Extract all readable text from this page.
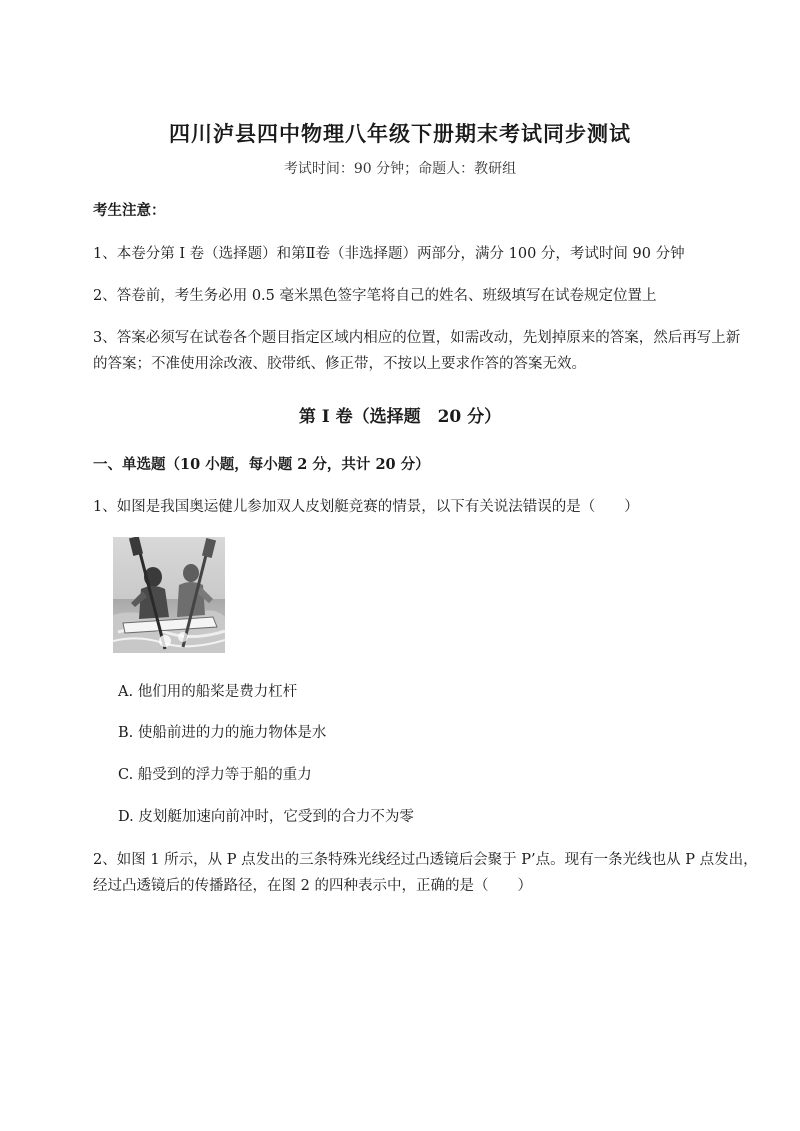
四川泸县四中物理八年级下册期末考试同步测试
考试时间：90 分钟；命题人：教研组
考生注意：
1、本卷分第 I 卷（选择题）和第Ⅱ卷（非选择题）两部分，满分 100 分，考试时间 90 分钟
2、答卷前，考生务必用 0.5 毫米黑色签字笔将自己的姓名、班级填写在试卷规定位置上
3、答案必须写在试卷各个题目指定区域内相应的位置，如需改动，先划掉原来的答案，然后再写上新
的答案；不准使用涂改液、胶带纸、修正带，不按以上要求作答的答案无效。
第 I 卷（选择题　20 分）
一、单选题（10 小题，每小题 2 分，共计 20 分）
1、如图是我国奥运健儿参加双人皮划艇竞赛的情景，以下有关说法错误的是（　　）
A. 他们用的船桨是费力杠杆
B. 使船前进的力的施力物体是水
C. 船受到的浮力等于船的重力
D. 皮划艇加速向前冲时，它受到的合力不为零
2、如图 1 所示，从 P 点发出的三条特殊光线经过凸透镜后会聚于 P’点。现有一条光线也从 P 点发出，
经过凸透镜后的传播路径，在图 2 的四种表示中，正确的是（　　）
